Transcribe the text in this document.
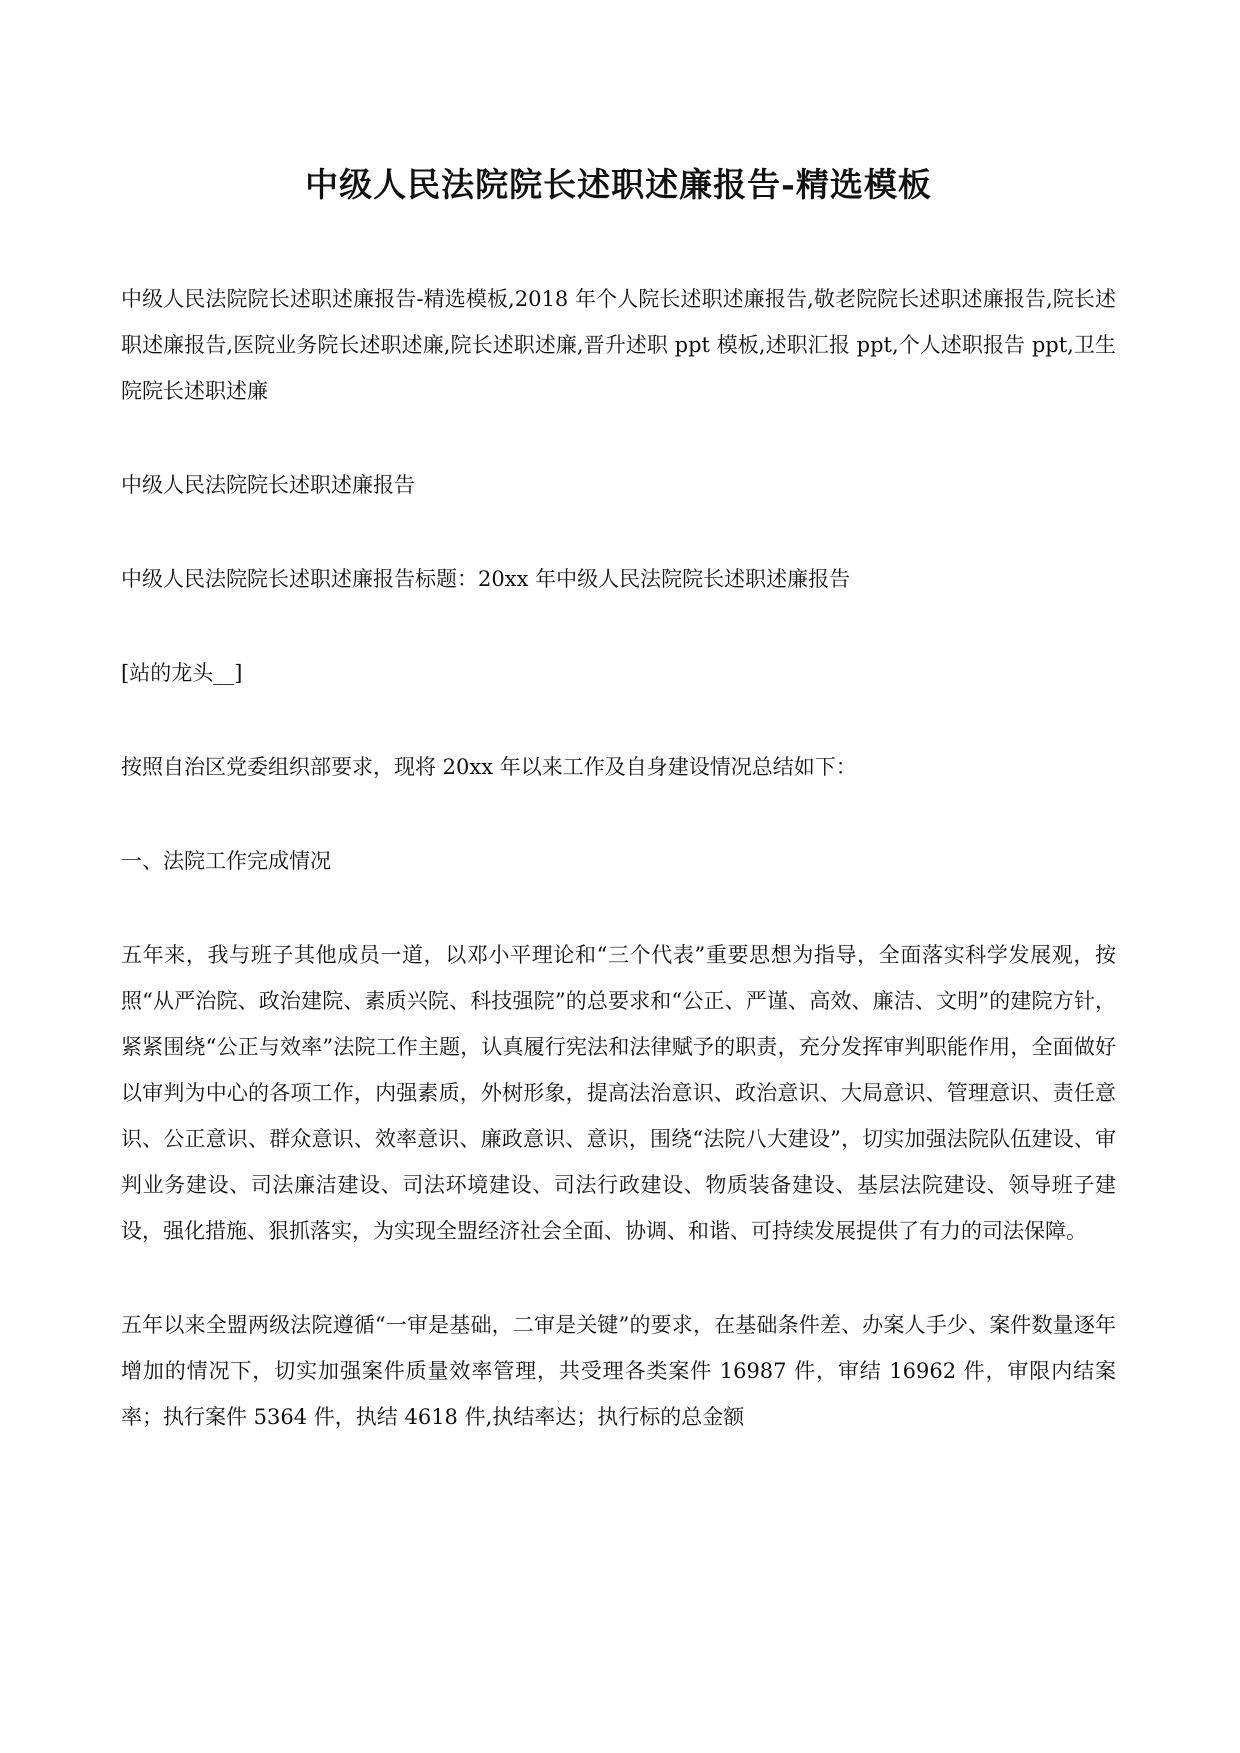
中级人民法院院长述职述廉报告-精选模板

中级人民法院院长述职述廉报告-精选模板,2018 年个人院长述职述廉报告,敬老院院长述职述廉报告,院长述职述廉报告,医院业务院长述职述廉,院长述职述廉,晋升述职 ppt 模板,述职汇报 ppt,个人述职报告 ppt,卫生院院长述职述廉

中级人民法院院长述职述廉报告

中级人民法院院长述职述廉报告标题：20xx 年中级人民法院院长述职述廉报告

[站的龙头__]

按照自治区党委组织部要求，现将 20xx 年以来工作及自身建设情况总结如下：

一、法院工作完成情况

五年来，我与班子其他成员一道，以邓小平理论和“三个代表”重要思想为指导，全面落实科学发展观，按照“从严治院、政治建院、素质兴院、科技强院”的总要求和“公正、严谨、高效、廉洁、文明”的建院方针，紧紧围绕“公正与效率”法院工作主题，认真履行宪法和法律赋予的职责，充分发挥审判职能作用，全面做好以审判为中心的各项工作，内强素质，外树形象，提高法治意识、政治意识、大局意识、管理意识、责任意识、公正意识、群众意识、效率意识、廉政意识、意识，围绕“法院八大建设”，切实加强法院队伍建设、审判业务建设、司法廉洁建设、司法环境建设、司法行政建设、物质装备建设、基层法院建设、领导班子建设，强化措施、狠抓落实，为实现全盟经济社会全面、协调、和谐、可持续发展提供了有力的司法保障。

五年以来全盟两级法院遵循“一审是基础，二审是关键”的要求，在基础条件差、办案人手少、案件数量逐年增加的情况下，切实加强案件质量效率管理，共受理各类案件 16987 件，审结 16962 件，审限内结案率；执行案件 5364 件，执结 4618 件,执结率达；执行标的总金额
